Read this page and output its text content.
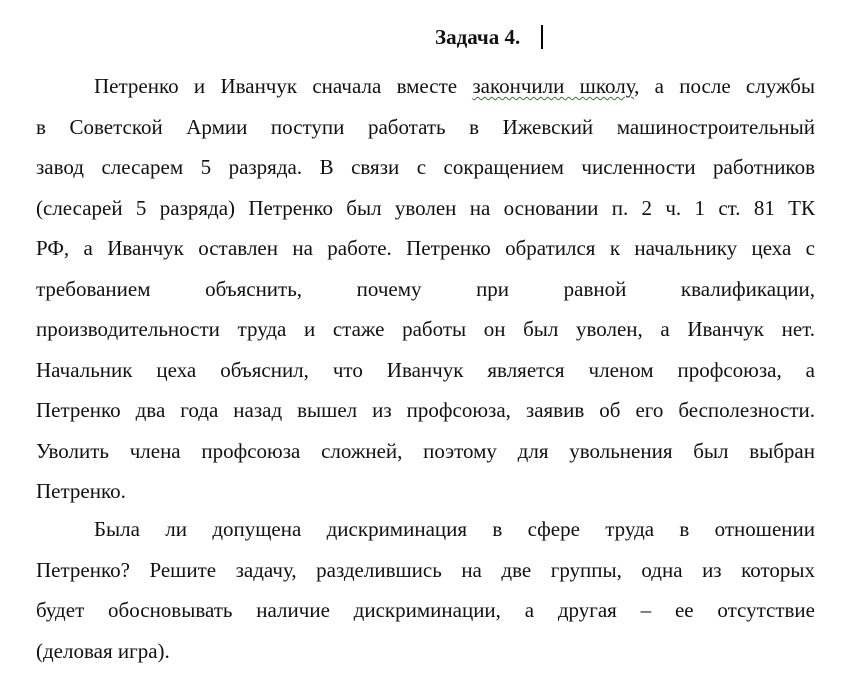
Задача 4.
Петренко и Иванчук сначала вместе закончили школу, а после службы
в Советской Армии поступи работать в Ижевский машиностроительный
завод слесарем 5 разряда. В связи с сокращением численности работников
(слесарей 5 разряда) Петренко был уволен на основании п. 2 ч. 1 ст. 81 ТК
РФ, а Иванчук оставлен на работе. Петренко обратился к начальнику цеха с
требованием объяснить, почему при равной квалификации,
производительности труда и стаже работы он был уволен, а Иванчук нет.
Начальник цеха объяснил, что Иванчук является членом профсоюза, а
Петренко два года назад вышел из профсоюза, заявив об его бесполезности.
Уволить члена профсоюза сложней, поэтому для увольнения был выбран
Петренко.
Была ли допущена дискриминация в сфере труда в отношении
Петренко? Решите задачу, разделившись на две группы, одна из которых
будет обосновывать наличие дискриминации, а другая – ее отсутствие
(деловая игра).
